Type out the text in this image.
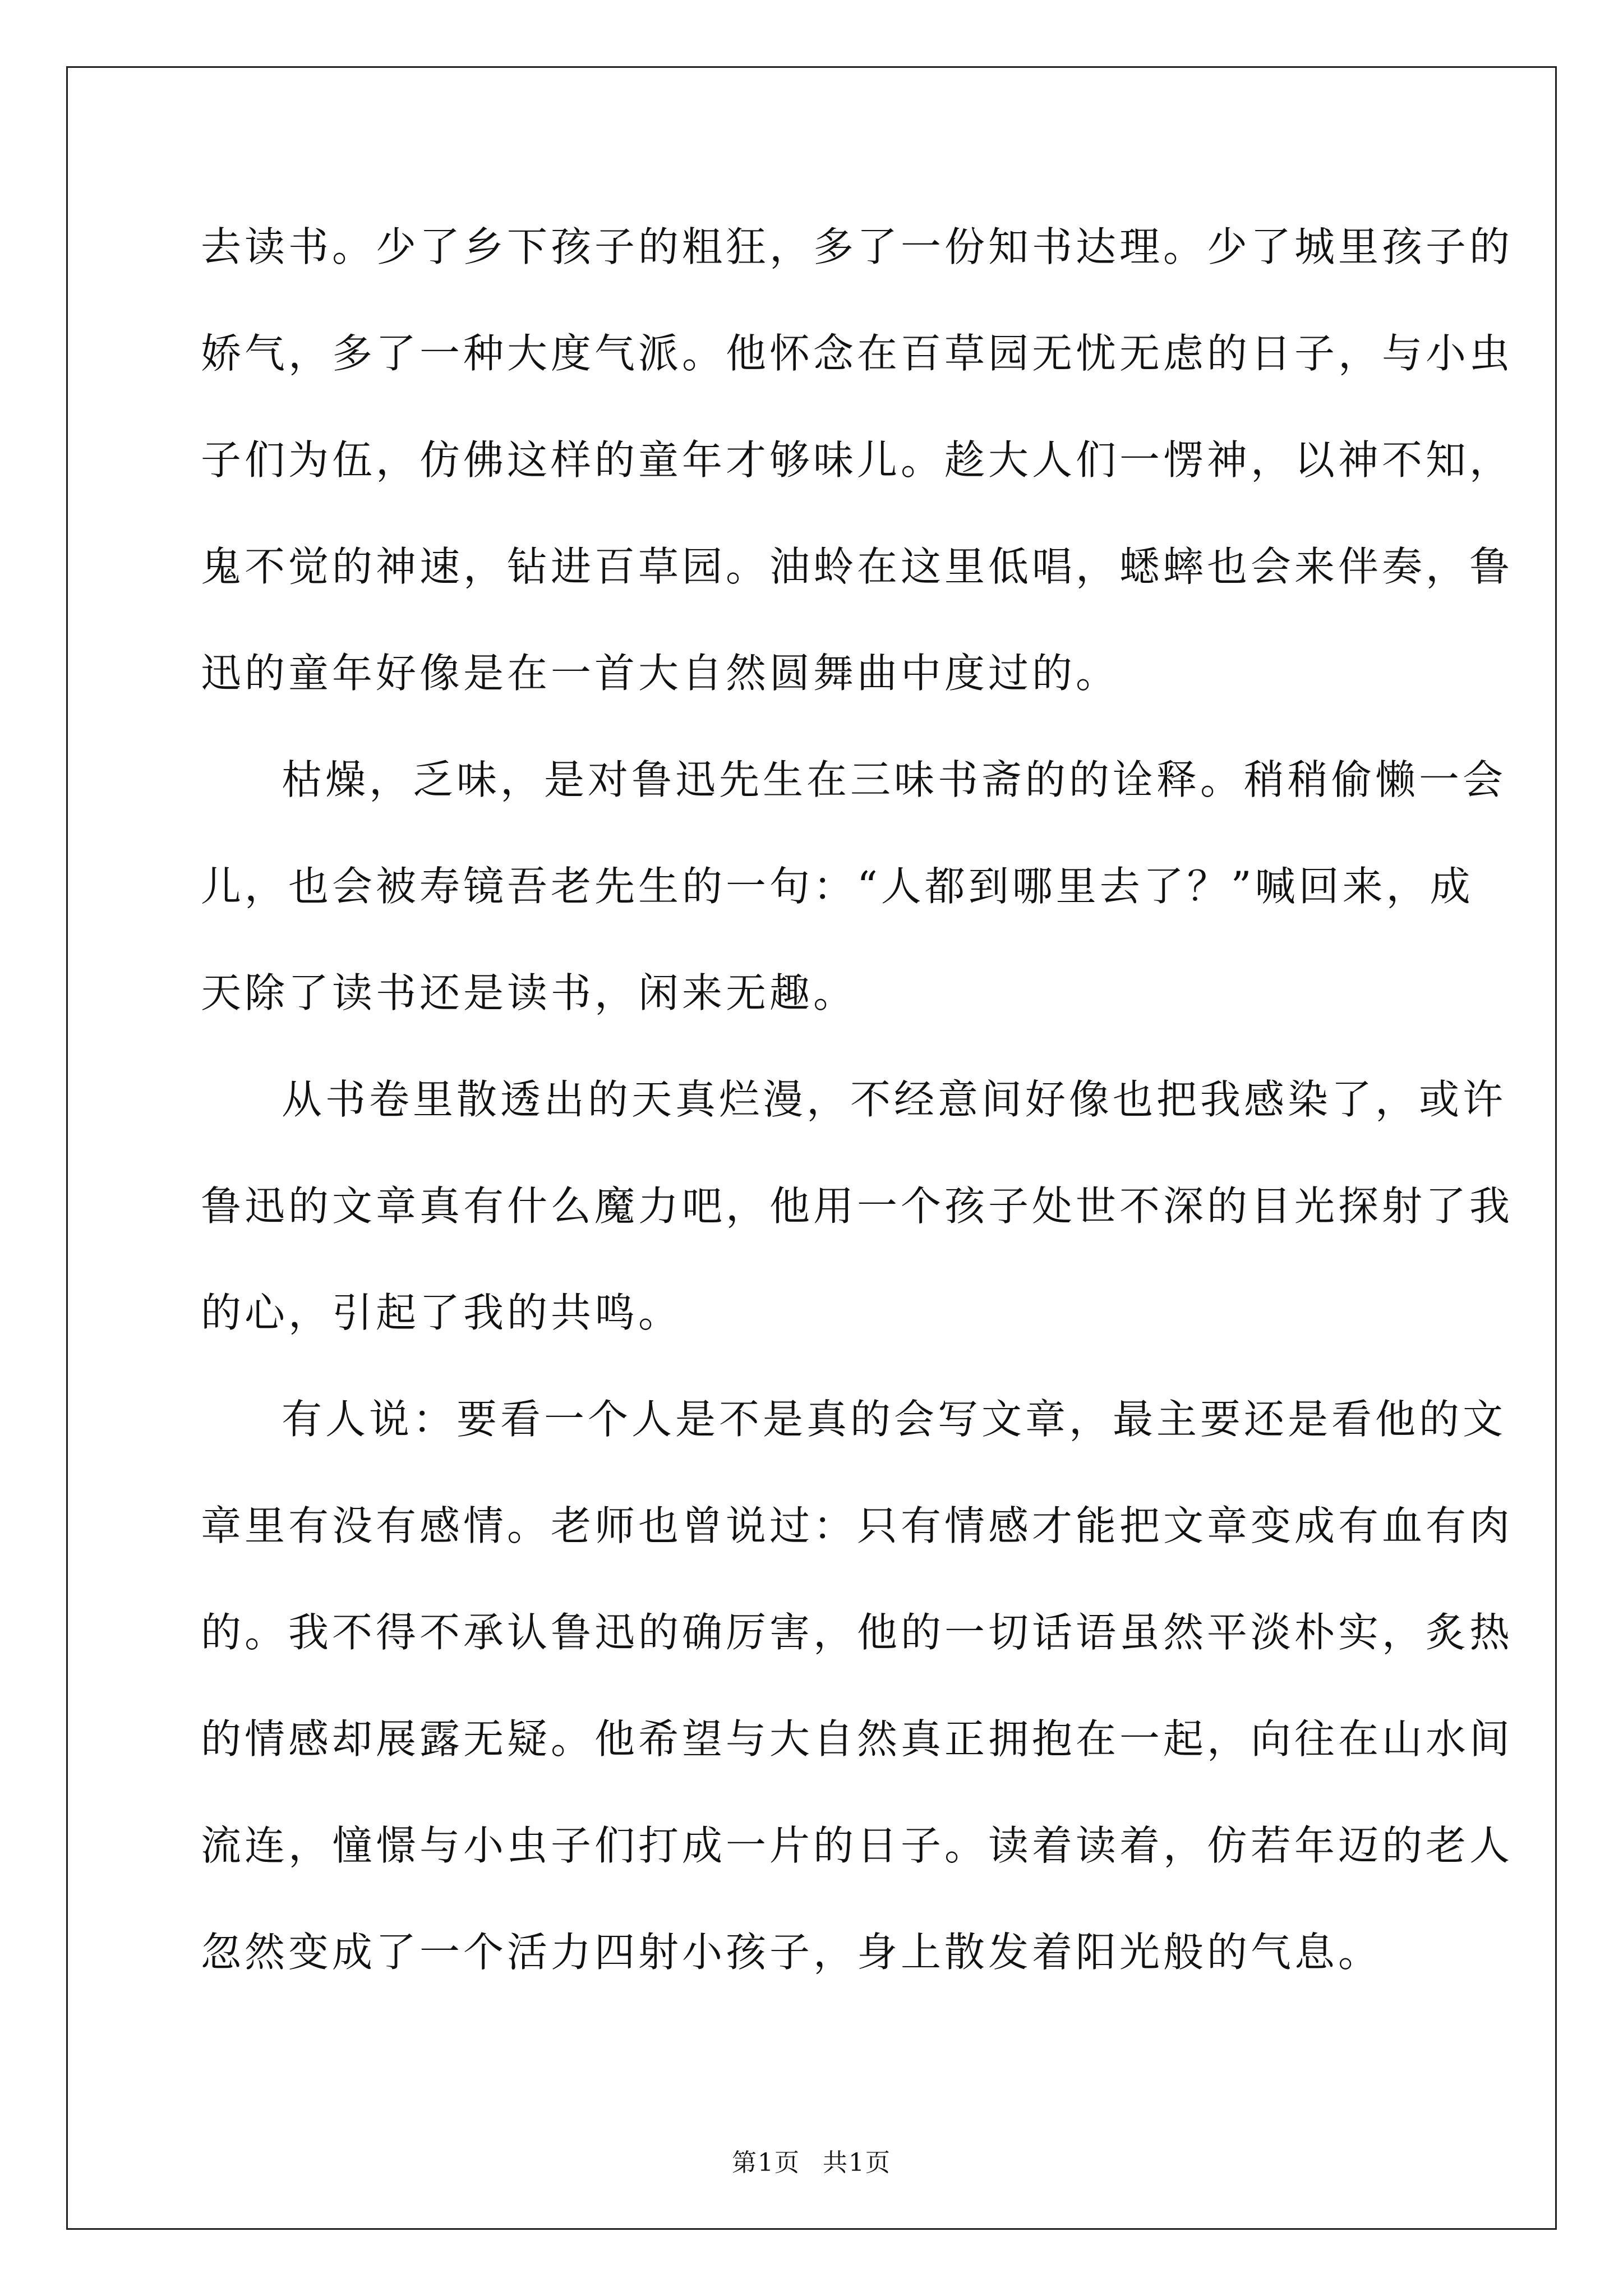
去读书。少了乡下孩子的粗狂，多了一份知书达理。少了城里孩子的
娇气，多了一种大度气派。他怀念在百草园无忧无虑的日子，与小虫
子们为伍，仿佛这样的童年才够味儿。趁大人们一愣神，以神不知，
鬼不觉的神速，钻进百草园。油蛉在这里低唱，蟋蟀也会来伴奏，鲁
迅的童年好像是在一首大自然圆舞曲中度过的。
枯燥，乏味，是对鲁迅先生在三味书斋的的诠释。稍稍偷懒一会
儿，也会被寿镜吾老先生的一句：“人都到哪里去了？”喊回来，成
天除了读书还是读书，闲来无趣。
从书卷里散透出的天真烂漫，不经意间好像也把我感染了，或许
鲁迅的文章真有什么魔力吧，他用一个孩子处世不深的目光探射了我
的心，引起了我的共鸣。
有人说：要看一个人是不是真的会写文章，最主要还是看他的文
章里有没有感情。老师也曾说过：只有情感才能把文章变成有血有肉
的。我不得不承认鲁迅的确厉害，他的一切话语虽然平淡朴实，炙热
的情感却展露无疑。他希望与大自然真正拥抱在一起，向往在山水间
流连，憧憬与小虫子们打成一片的日子。读着读着，仿若年迈的老人
忽然变成了一个活力四射小孩子，身上散发着阳光般的气息。
第1页 共1页
